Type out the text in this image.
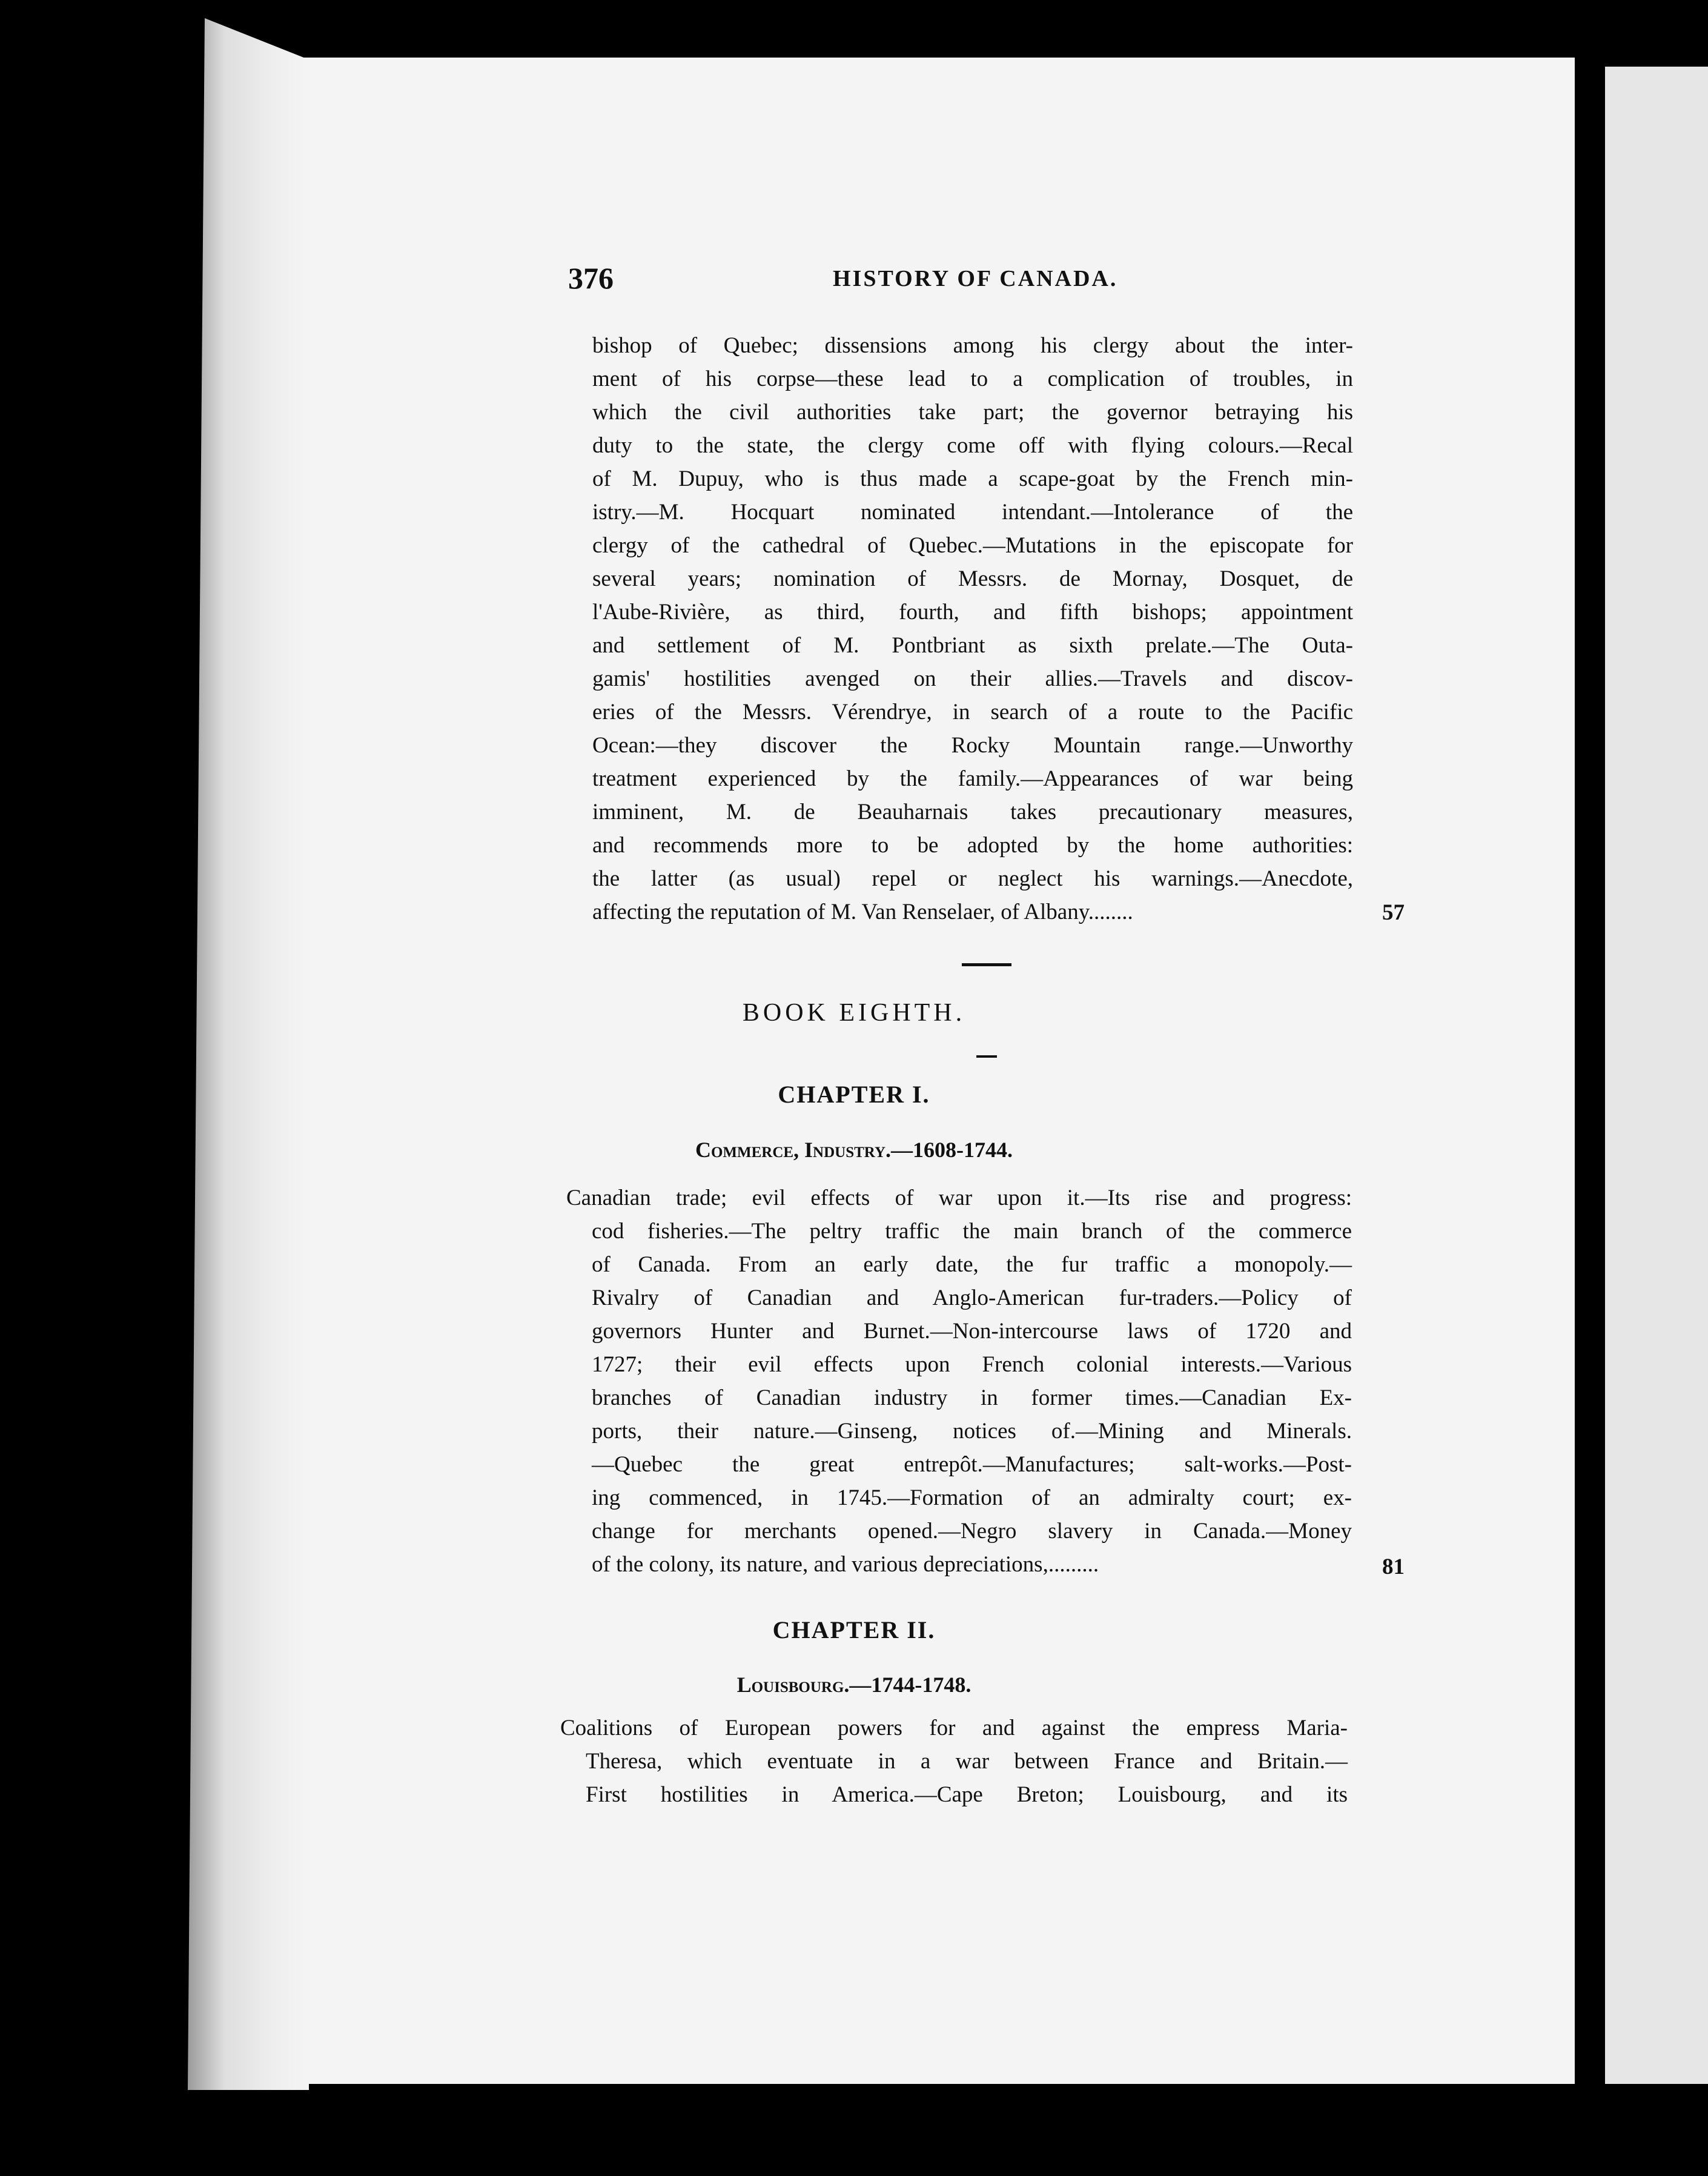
376	HISTORY OF CANADA.
bishop of Quebec; dissensions among his clergy about the inter-
ment of his corpse—these lead to a complication of troubles, in
which the civil authorities take part; the governor betraying his
duty to the state, the clergy come off with flying colours.—Recal
of M. Dupuy, who is thus made a scape-goat by the French min-
istry.—M. Hocquart nominated intendant.—Intolerance of the
clergy of the cathedral of Quebec.—Mutations in the episcopate for
several years; nomination of Messrs. de Mornay, Dosquet, de
l'Aube-Rivière, as third, fourth, and fifth bishops; appointment
and settlement of M. Pontbriant as sixth prelate.—The Outa-
gamis' hostilities avenged on their allies.—Travels and discov-
eries of the Messrs. Vérendrye, in search of a route to the Pacific
Ocean:—they discover the Rocky Mountain range.—Unworthy
treatment experienced by the family.—Appearances of war being
imminent, M. de Beauharnais takes precautionary measures,
and recommends more to be adopted by the home authorities:
the latter (as usual) repel or neglect his warnings.—Anecdote,
affecting the reputation of M. Van Renselaer, of Albany........	57
BOOK EIGHTH.
CHAPTER I.
Commerce, Industry.—1608-1744.
Canadian trade; evil effects of war upon it.—Its rise and progress:
cod fisheries.—The peltry traffic the main branch of the commerce
of Canada. From an early date, the fur traffic a monopoly.—
Rivalry of Canadian and Anglo-American fur-traders.—Policy of
governors Hunter and Burnet.—Non-intercourse laws of 1720 and
1727; their evil effects upon French colonial interests.—Various
branches of Canadian industry in former times.—Canadian Ex-
ports, their nature.—Ginseng, notices of.—Mining and Minerals.
—Quebec the great entrepôt.—Manufactures; salt-works.—Post-
ing commenced, in 1745.—Formation of an admiralty court; ex-
change for merchants opened.—Negro slavery in Canada.—Money
of the colony, its nature, and various depreciations,.........	81
CHAPTER II.
Louisbourg.—1744-1748.
Coalitions of European powers for and against the empress Maria-
Theresa, which eventuate in a war between France and Britain.—
First hostilities in America.—Cape Breton; Louisbourg, and its
